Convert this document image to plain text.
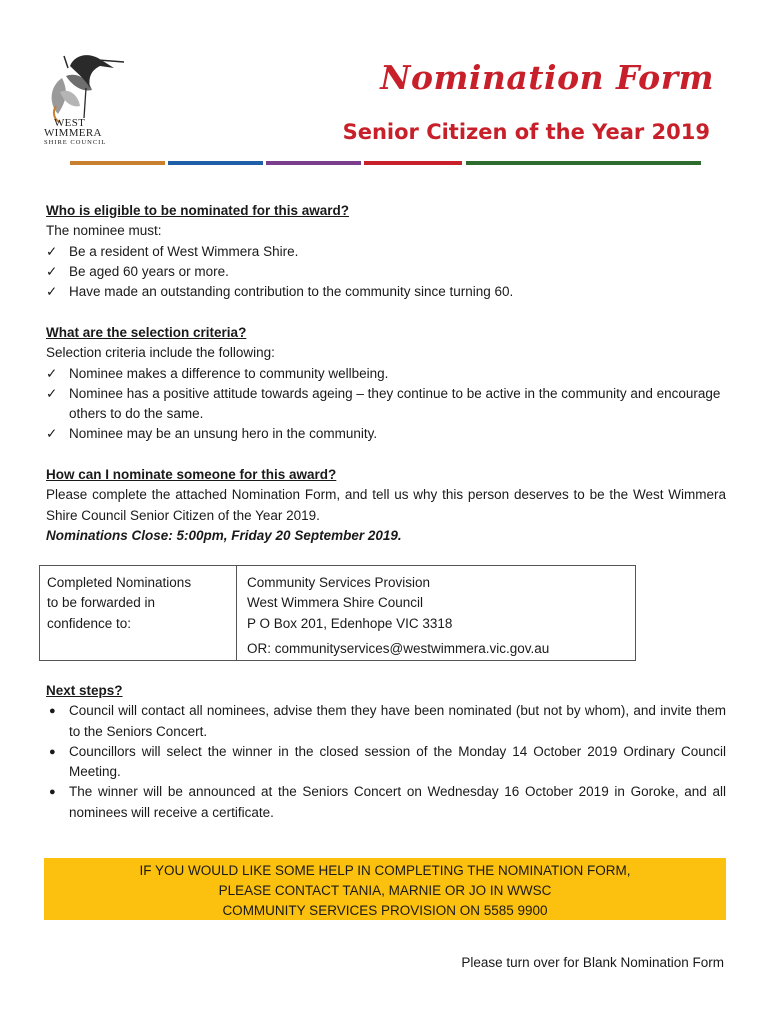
WEST
WIMMERA
SHIRE COUNCIL
Nomination Form
Senior Citizen of the Year 2019
Who is eligible to be nominated for this award?
The nominee must:
✓ Be a resident of West Wimmera Shire.
✓ Be aged 60 years or more.
✓ Have made an outstanding contribution to the community since turning 60.
What are the selection criteria?
Selection criteria include the following:
✓ Nominee makes a difference to community wellbeing.
✓ Nominee has a positive attitude towards ageing – they continue to be active in the community and encourage others to do the same.
✓ Nominee may be an unsung hero in the community.
How can I nominate someone for this award?
Please complete the attached Nomination Form, and tell us why this person deserves to be the West Wimmera Shire Council Senior Citizen of the Year 2019.
Nominations Close: 5:00pm, Friday 20 September 2019.
Completed Nominations
to be forwarded in
confidence to:
Community Services Provision
West Wimmera Shire Council
P O Box 201, Edenhope VIC 3318
OR: communityservices@westwimmera.vic.gov.au
Next steps?
● Council will contact all nominees, advise them they have been nominated (but not by whom), and invite them to the Seniors Concert.
● Councillors will select the winner in the closed session of the Monday 14 October 2019 Ordinary Council Meeting.
● The winner will be announced at the Seniors Concert on Wednesday 16 October 2019 in Goroke, and all nominees will receive a certificate.
IF YOU WOULD LIKE SOME HELP IN COMPLETING THE NOMINATION FORM,
PLEASE CONTACT TANIA, MARNIE OR JO IN WWSC
COMMUNITY SERVICES PROVISION ON 5585 9900
Please turn over for Blank Nomination Form
